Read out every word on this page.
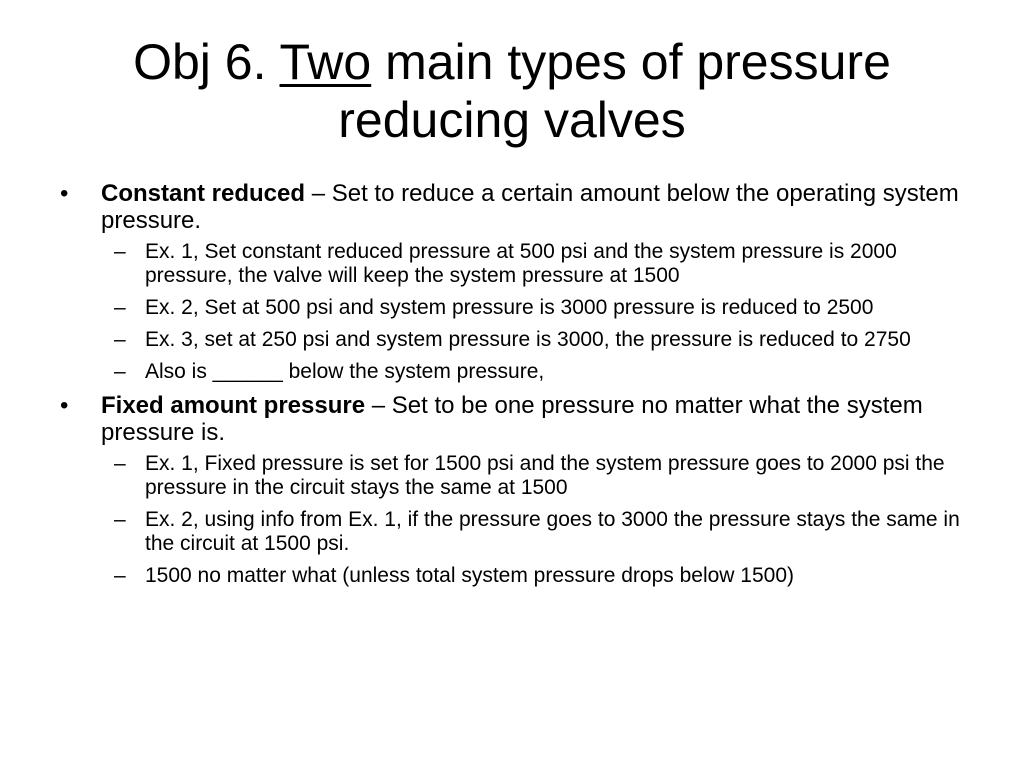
Obj 6. Two main types of pressure
reducing valves
• Constant reduced – Set to reduce a certain amount below the operating system pressure.
– Ex. 1, Set constant reduced pressure at 500 psi and the system pressure is 2000 pressure, the valve will keep the system pressure at 1500
– Ex. 2, Set at 500 psi and system pressure is 3000 pressure is reduced to 2500
– Ex. 3, set at 250 psi and system pressure is 3000, the pressure is reduced to 2750
– Also is ______ below the system pressure,
• Fixed amount pressure – Set to be one pressure no matter what the system pressure is.
– Ex. 1, Fixed pressure is set for 1500 psi and the system pressure goes to 2000 psi the pressure in the circuit stays the same at 1500
– Ex. 2, using info from Ex. 1, if the pressure goes to 3000 the pressure stays the same in the circuit at 1500 psi.
– 1500 no matter what (unless total system pressure drops below 1500)
